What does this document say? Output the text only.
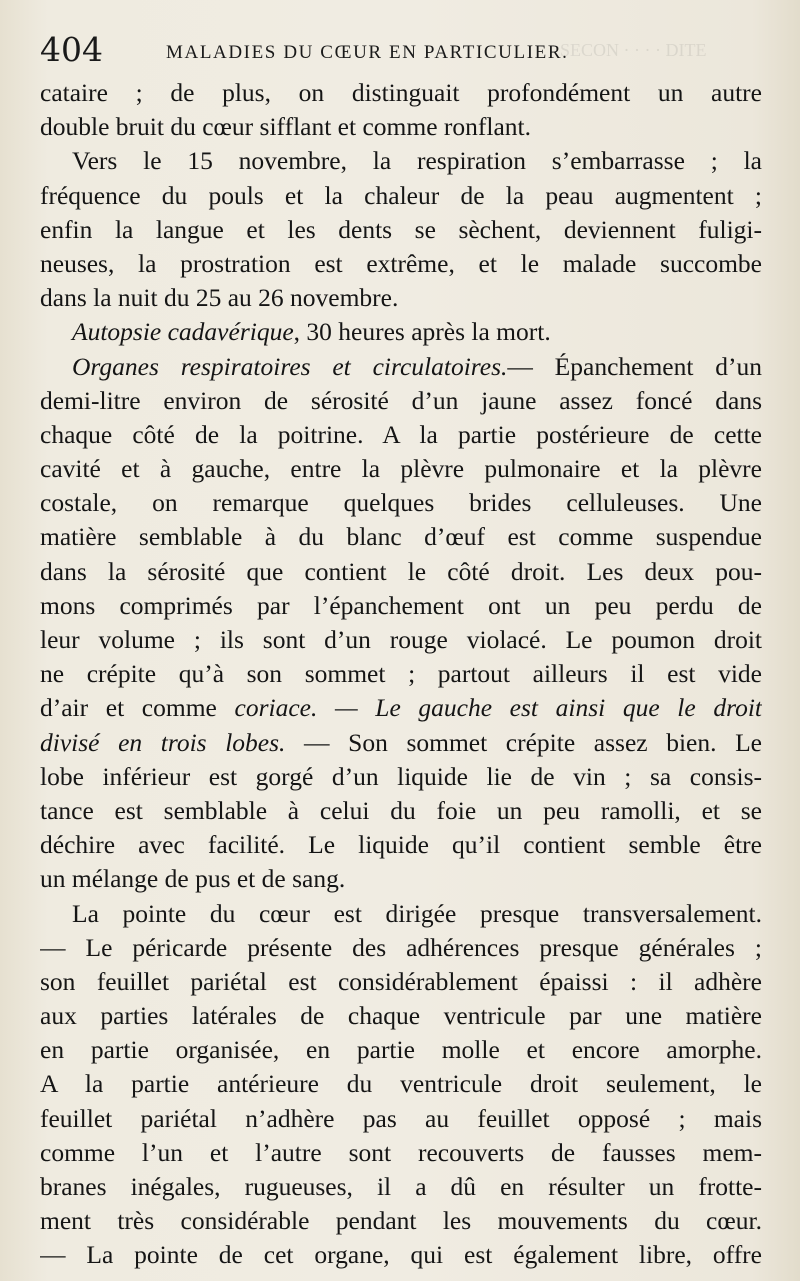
SECON · · · · DITE
404	MALADIES DU CŒUR EN PARTICULIER.
cataire ; de plus, on distinguait profondément un autre
double bruit du cœur sifflant et comme ronflant.
Vers le 15 novembre, la respiration s’embarrasse ; la
fréquence du pouls et la chaleur de la peau augmentent ;
enfin la langue et les dents se sèchent, deviennent fuligi-
neuses, la prostration est extrême, et le malade succombe
dans la nuit du 25 au 26 novembre.
Autopsie cadavérique, 30 heures après la mort.
Organes respiratoires et circulatoires.— Épanchement d’un
demi-litre environ de sérosité d’un jaune assez foncé dans
chaque côté de la poitrine. A la partie postérieure de cette
cavité et à gauche, entre la plèvre pulmonaire et la plèvre
costale, on remarque quelques brides celluleuses. Une
matière semblable à du blanc d’œuf est comme suspendue
dans la sérosité que contient le côté droit. Les deux pou-
mons comprimés par l’épanchement ont un peu perdu de
leur volume ; ils sont d’un rouge violacé. Le poumon droit
ne crépite qu’à son sommet ; partout ailleurs il est vide
d’air et comme coriace. — Le gauche est ainsi que le droit
divisé en trois lobes. — Son sommet crépite assez bien. Le
lobe inférieur est gorgé d’un liquide lie de vin ; sa consis-
tance est semblable à celui du foie un peu ramolli, et se
déchire avec facilité. Le liquide qu’il contient semble être
un mélange de pus et de sang.
La pointe du cœur est dirigée presque transversalement.
— Le péricarde présente des adhérences presque générales ;
son feuillet pariétal est considérablement épaissi : il adhère
aux parties latérales de chaque ventricule par une matière
en partie organisée, en partie molle et encore amorphe.
A la partie antérieure du ventricule droit seulement, le
feuillet pariétal n’adhère pas au feuillet opposé ; mais
comme l’un et l’autre sont recouverts de fausses mem-
branes inégales, rugueuses, il a dû en résulter un frotte-
ment très considérable pendant les mouvements du cœur.
— La pointe de cet organe, qui est également libre, offre
